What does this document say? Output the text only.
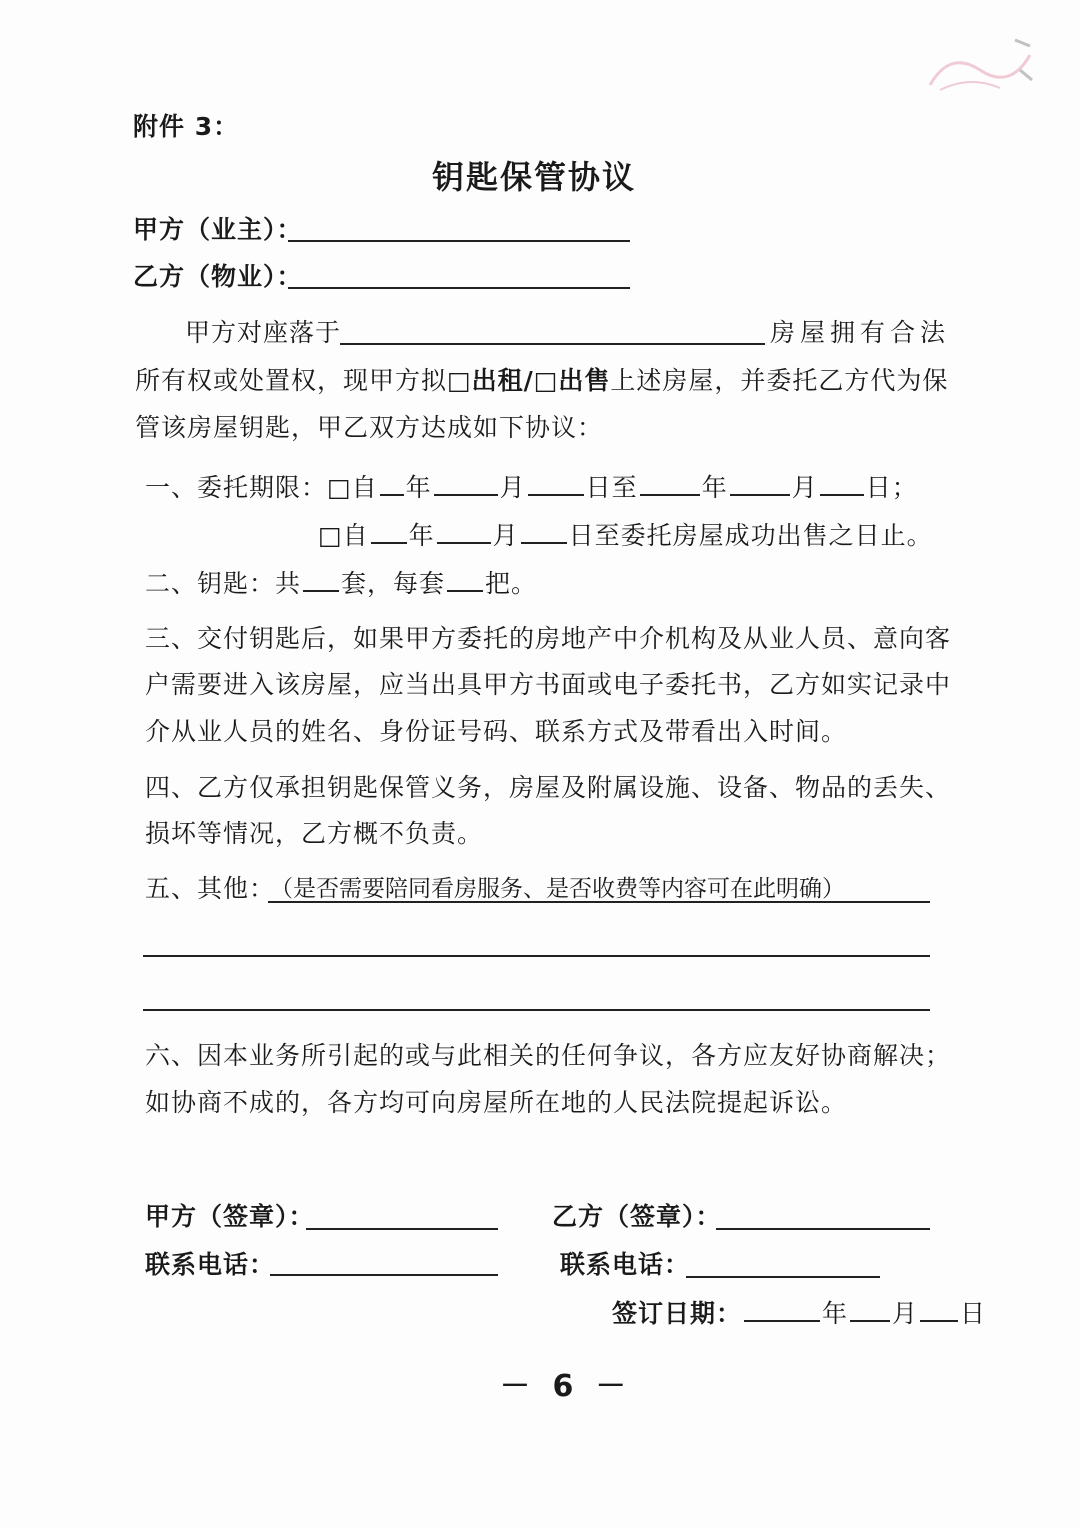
附件 3：
钥匙保管协议
甲方（业主）：
乙方（物业）：
甲方对座落于	房屋拥有合法
所有权或处置权，现甲方拟□出租/□出售上述房屋，并委托乙方代为保
管该房屋钥匙，甲乙双方达成如下协议：
一、委托期限：□自 年	月 日至	年	月 日；
□自 年 月 日至委托房屋成功出售之日止。
二、钥匙：共 套，每套 把。
三、交付钥匙后，如果甲方委托的房地产中介机构及从业人员、意向客
户需要进入该房屋，应当出具甲方书面或电子委托书，乙方如实记录中
介从业人员的姓名、身份证号码、联系方式及带看出入时间。
四、乙方仅承担钥匙保管义务，房屋及附属设施、设备、物品的丢失、
损坏等情况，乙方概不负责。
五、其他：
（是否需要陪同看房服务、是否收费等内容可在此明确）
六、因本业务所引起的或与此相关的任何争议，各方应友好协商解决；
如协商不成的，各方均可向房屋所在地的人民法院提起诉讼。
甲方（签章）：	乙方（签章）：
联系电话：	联系电话：
签订日期：	年 月 日
－ 6 －
